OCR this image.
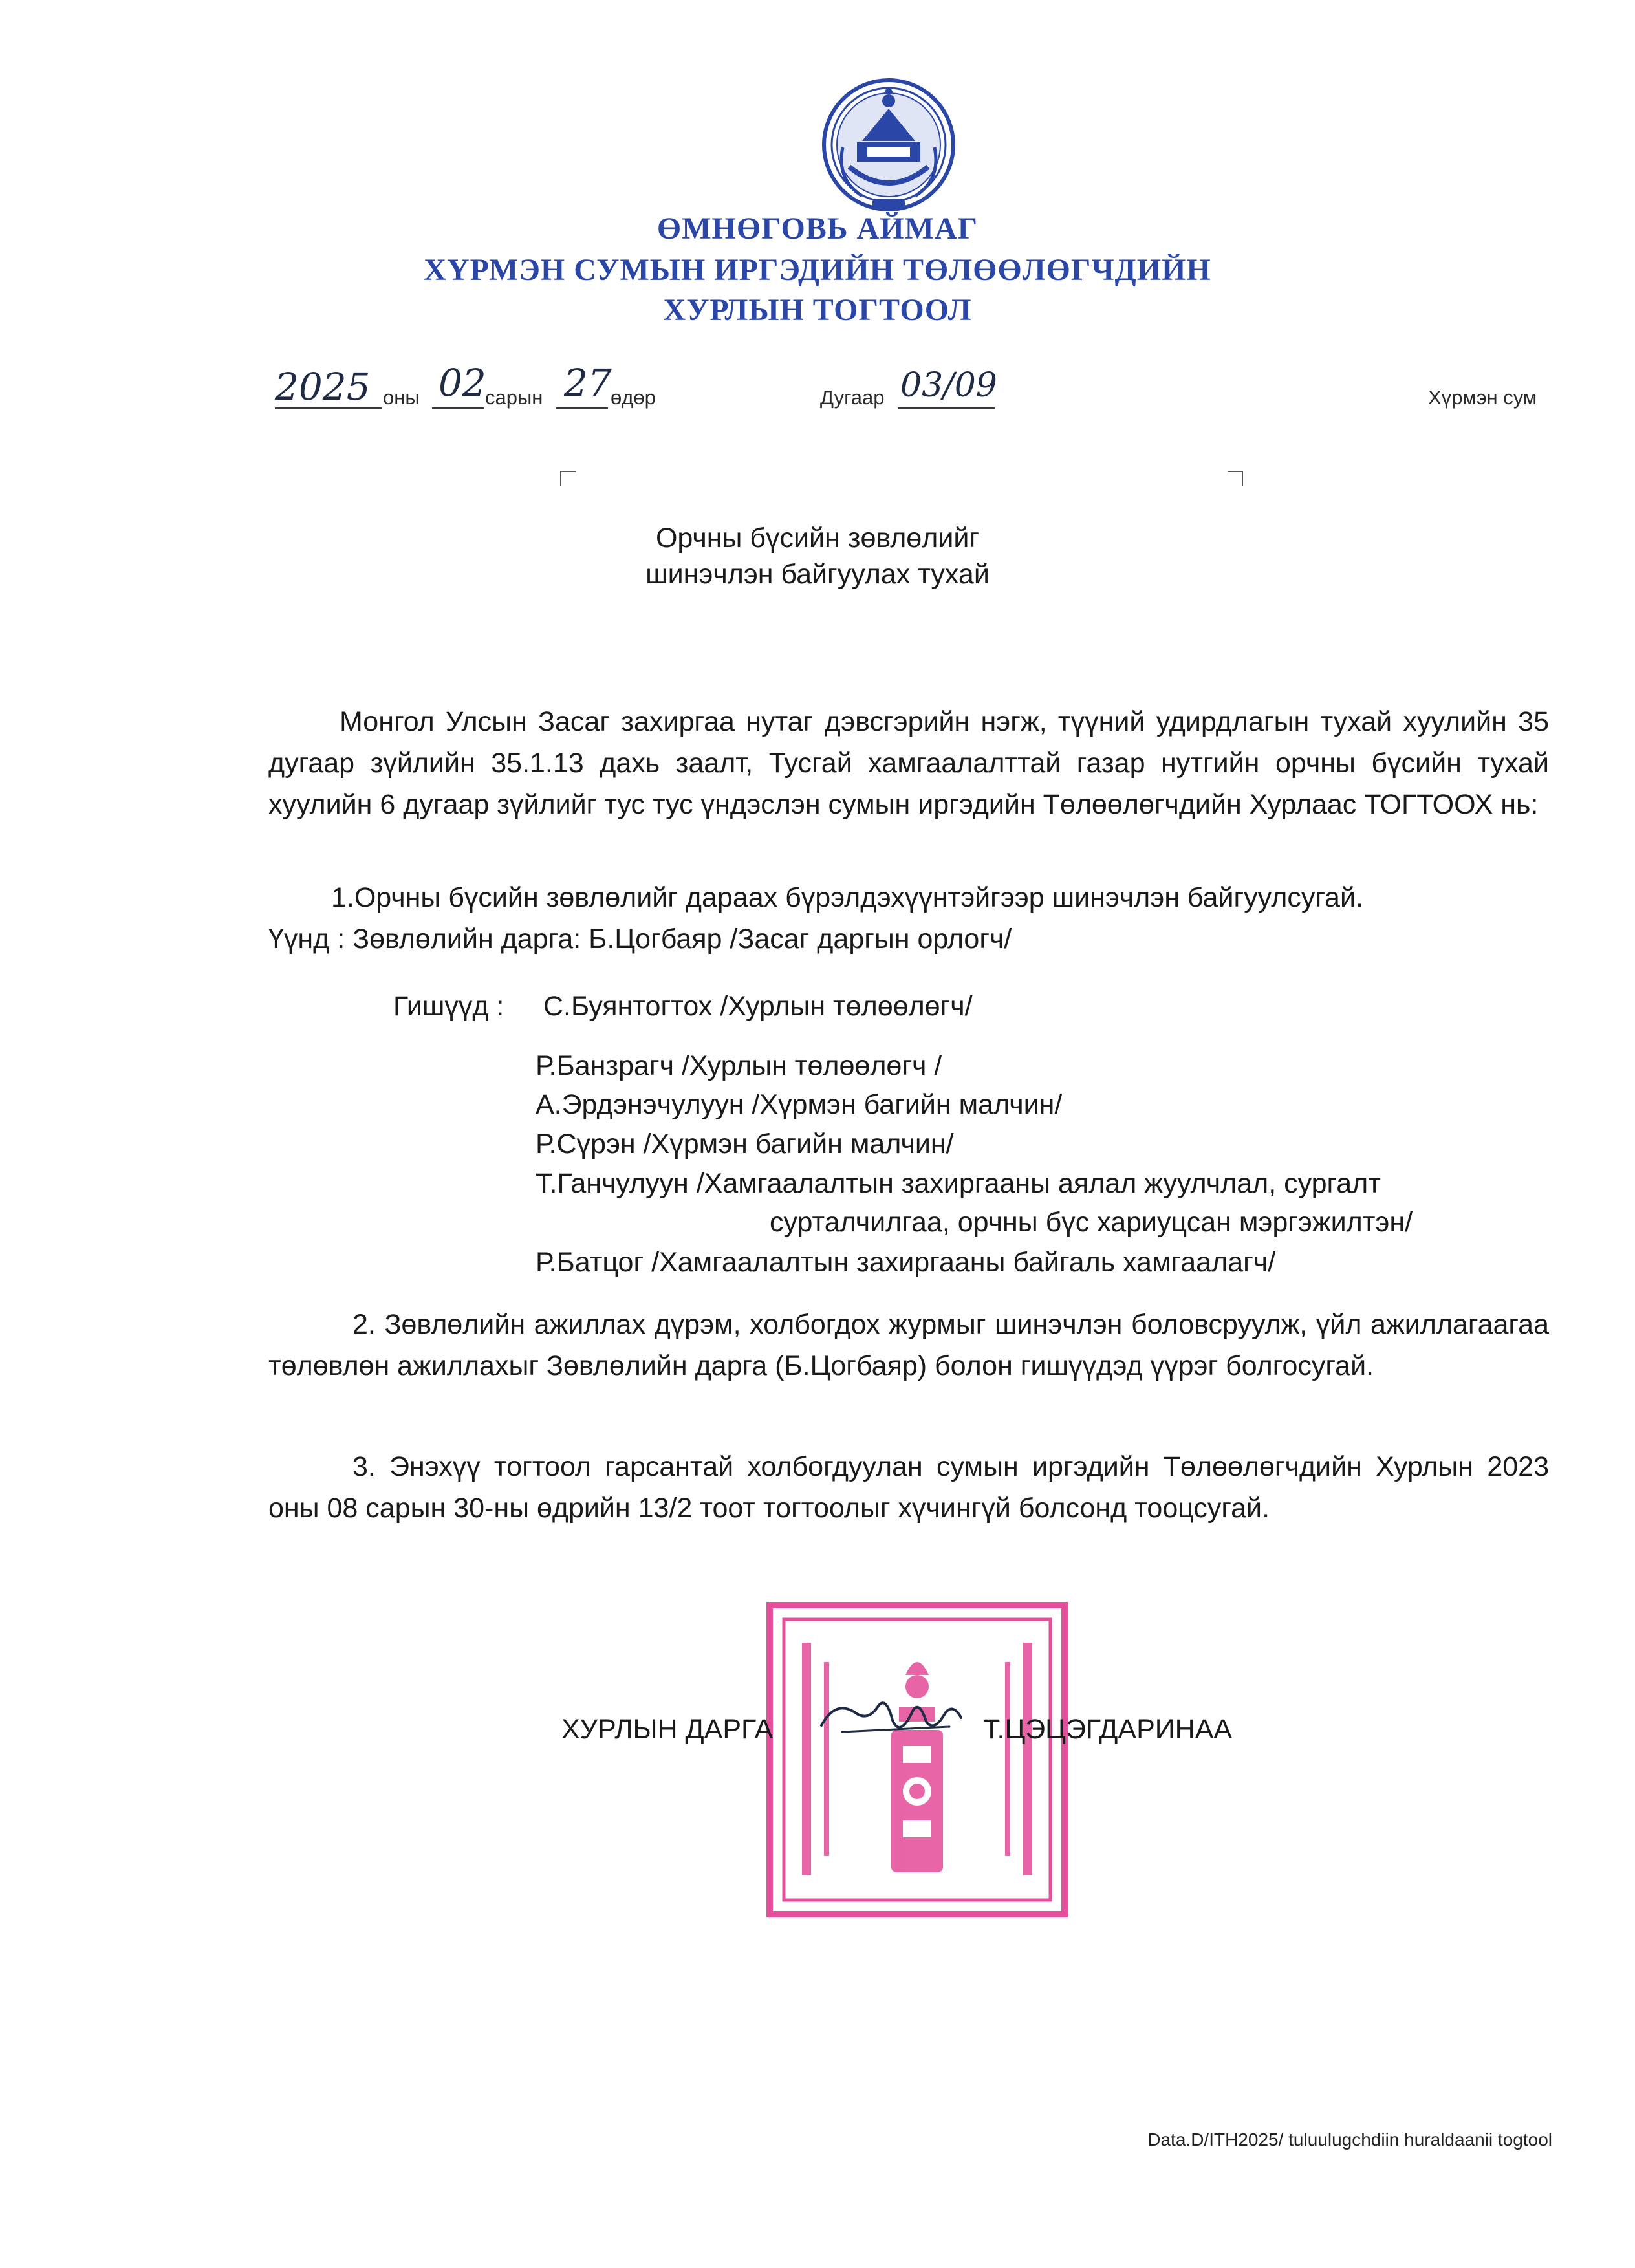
ӨМНӨГОВЬ АЙМАГ
ХҮРМЭН СУМЫН ИРГЭДИЙН ТӨЛӨӨЛӨГЧДИЙН
ХУРЛЫН ТОГТООЛ
2025 оны 02
сарын 27
өдөр	Дугаар 03/09	Хүрмэн сум
Орчны бүсийн зөвлөлийг
шинэчлэн байгуулах тухай
Монгол Улсын Засаг захиргаа нутаг дэвсгэрийн нэгж, түүний удирдлагын тухай хуулийн 35 дугаар зүйлийн 35.1.13 дахь заалт, Тусгай хамгаалалттай газар нутгийн орчны бүсийн тухай хуулийн 6 дугаар зүйлийг тус тус үндэслэн сумын иргэдийн Төлөөлөгчдийн Хурлаас ТОГТООХ нь:
1.Орчны бүсийн зөвлөлийг дараах бүрэлдэхүүнтэйгээр шинэчлэн байгуулсугай.
Үүнд : Зөвлөлийн дарга: Б.Цогбаяр /Засаг даргын орлогч/
Гишүүд : С.Буянтогтох /Хурлын төлөөлөгч/
Р.Банзрагч /Хурлын төлөөлөгч /
А.Эрдэнэчулуун /Хүрмэн багийн малчин/
Р.Сүрэн /Хүрмэн багийн малчин/
Т.Ганчулуун /Хамгаалалтын захиргааны аялал жуулчлал, сургалт
сурталчилгаа, орчны бүс хариуцсан мэргэжилтэн/
Р.Батцог /Хамгаалалтын захиргааны байгаль хамгаалагч/
2. Зөвлөлийн ажиллах дүрэм, холбогдох журмыг шинэчлэн боловсруулж, үйл ажиллагаагаа төлөвлөн ажиллахыг Зөвлөлийн дарга (Б.Цогбаяр) болон гишүүдэд үүрэг болгосугай.
3. Энэхүү тогтоол гарсантай холбогдуулан сумын иргэдийн Төлөөлөгчдийн Хурлын 2023 оны 08 сарын 30-ны өдрийн 13/2 тоот тогтоолыг хүчингүй болсонд тооцсугай.
ХУРЛЫН ДАРГА	Т.ЦЭЦЭГДАРИНАА
Data.D/ITH2025/ tuluulugchdiin huraldaanii togtool
